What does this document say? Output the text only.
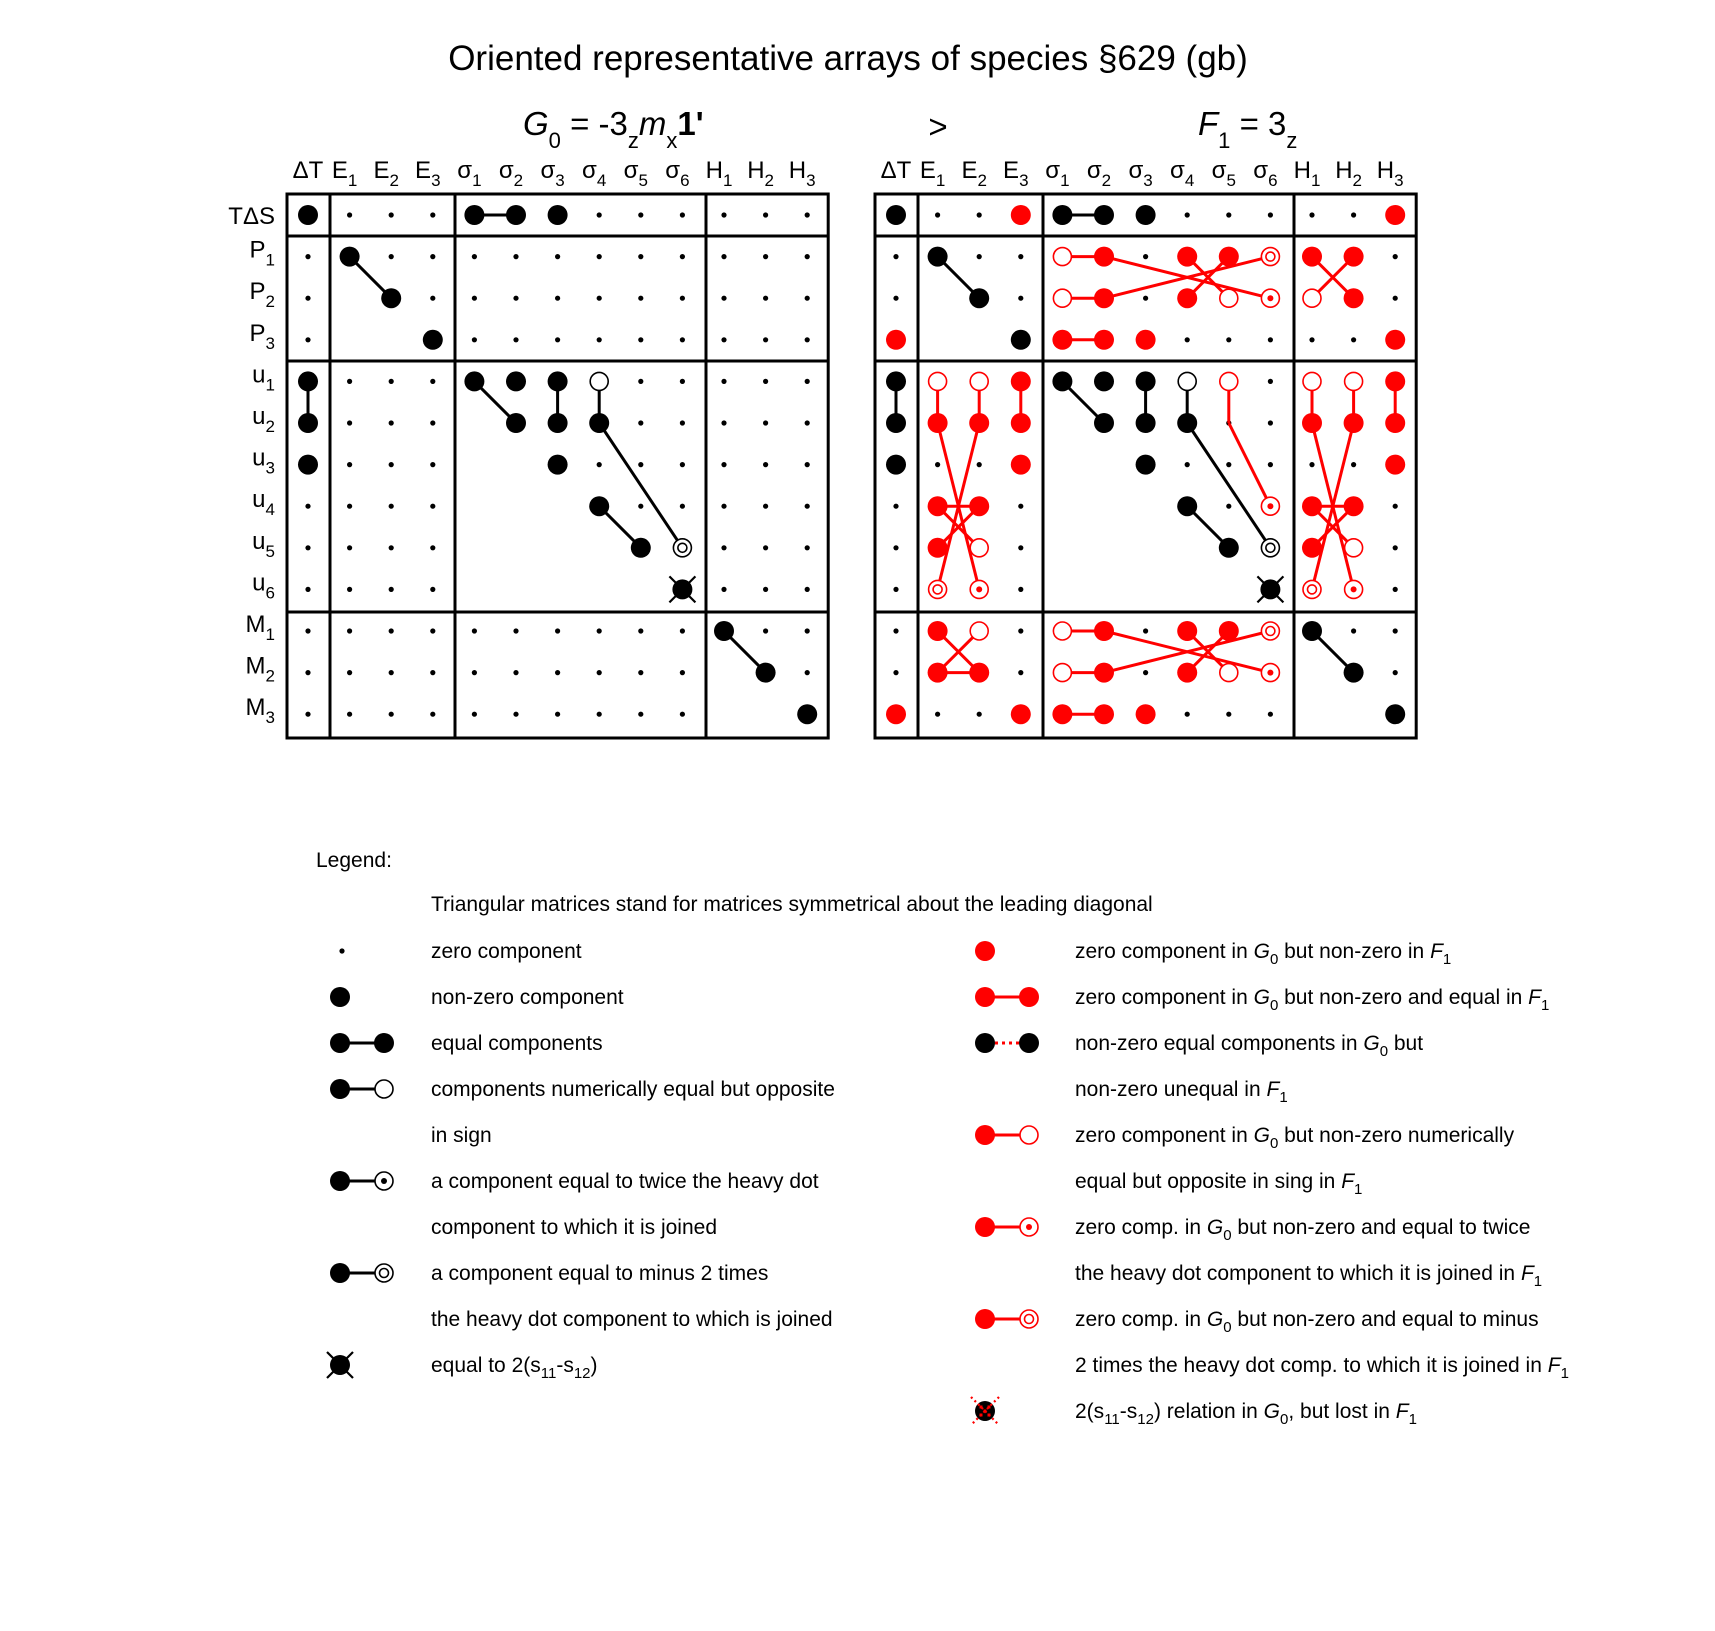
Oriented representative arrays of species §629 (gb)
$G_0 = -3_zm_x1'$	>	$F_1 = 3_z$
ΔT $E_1$ $E_2$ $E_3$ $\sigma_1$ $\sigma_2$ $\sigma_3$ $\sigma_4$ $\sigma_5$ $\sigma_6$ $H_1$ $H_2$ $H_3$
TΔS
$P_1$
$P_2$
$P_3$
$u_1$
$u_2$
$u_3$
$u_4$
$u_5$
$u_6$
$M_1$
$M_2$
$M_3$
ΔT $E_1$ $E_2$ $E_3$ $\sigma_1$ $\sigma_2$ $\sigma_3$ $\sigma_4$ $\sigma_5$ $\sigma_6$ $H_1$ $H_2$ $H_3$
Legend:
Triangular matrices stand for matrices symmetrical about the leading diagonal
zero component
non-zero component
equal components
components numerically equal but opposite
in sign
a component equal to twice the heavy dot
component to which it is joined
a component equal to minus 2 times
the heavy dot component to which is joined
equal to $2(s_{11}-s_{12})$
zero component in $G_0$ but non-zero in $F_1$
zero component in $G_0$ but non-zero and equal in $F_1$
non-zero equal components in $G_0$ but
non-zero unequal in $F_1$
zero component in $G_0$ but non-zero numerically
equal but opposite in sing in $F_1$
zero comp. in $G_0$ but non-zero and equal to twice
the heavy dot component to which it is joined in $F_1$
zero comp. in $G_0$ but non-zero and equal to minus
2 times the heavy dot comp. to which it is joined in $F_1$
$2(s_{11}-s_{12})$ relation in $G_0$, but lost in $F_1$
